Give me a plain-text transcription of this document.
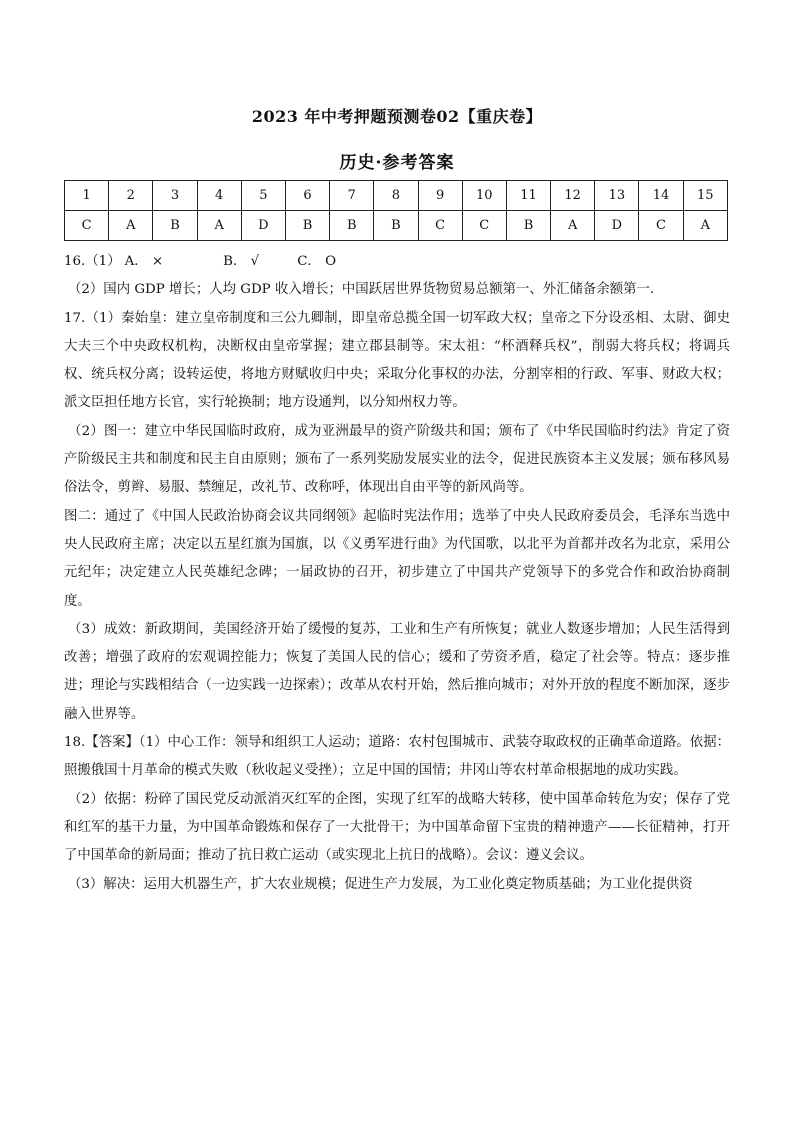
2023 年中考押题预测卷02【重庆卷】
历史·参考答案
1	2	3	4	5	6	7	8	9	10	11	12	13	14	15
C	A	B	A	D	B	B	B	C	C	B	A	D	C	A
16.（1） A． ×	B． √	C． O

（2）国内 GDP 增长；人均 GDP 收入增长；中国跃居世界货物贸易总额第一、外汇储备余额第一．

17.（1）秦始皇：建立皇帝制度和三公九卿制，即皇帝总揽全国一切军政大权；皇帝之下分设丞相、太尉、御史大夫三个中央政权机构，决断权由皇帝掌握；建立郡县制等。宋太祖：“杯酒释兵权”，削弱大将兵权；将调兵权、统兵权分离；设转运使，将地方财赋收归中央；采取分化事权的办法，分割宰相的行政、军事、财政大权；派文臣担任地方长官，实行轮换制；地方设通判，以分知州权力等。

（2）图一：建立中华民国临时政府，成为亚洲最早的资产阶级共和国；颁布了《中华民国临时约法》肯定了资产阶级民主共和制度和民主自由原则；颁布了一系列奖励发展实业的法令，促进民族资本主义发展；颁布移风易俗法令，剪辫、易服、禁缠足，改礼节、改称呼，体现出自由平等的新风尚等。

图二：通过了《中国人民政治协商会议共同纲领》起临时宪法作用；选举了中央人民政府委员会，毛泽东当选中央人民政府主席；决定以五星红旗为国旗，以《义勇军进行曲》为代国歌，以北平为首都并改名为北京，采用公元纪年；决定建立人民英雄纪念碑；一届政协的召开，初步建立了中国共产党领导下的多党合作和政治协商制度。

（3）成效：新政期间，美国经济开始了缓慢的复苏，工业和生产有所恢复；就业人数逐步增加；人民生活得到改善；增强了政府的宏观调控能力；恢复了美国人民的信心；缓和了劳资矛盾，稳定了社会等。特点：逐步推进；理论与实践相结合（一边实践一边探索）；改革从农村开始，然后推向城市；对外开放的程度不断加深，逐步融入世界等。

18.【答案】（1）中心工作：领导和组织工人运动；道路：农村包围城市、武装夺取政权的正确革命道路。依据：照搬俄国十月革命的模式失败（秋收起义受挫）；立足中国的国情；井冈山等农村革命根据地的成功实践。

（2）依据：粉碎了国民党反动派消灭红军的企图，实现了红军的战略大转移，使中国革命转危为安；保存了党和红军的基干力量，为中国革命锻炼和保存了一大批骨干；为中国革命留下宝贵的精神遗产——长征精神，打开了中国革命的新局面；推动了抗日救亡运动（或实现北上抗日的战略）。会议：遵义会议。

（3）解决：运用大机器生产，扩大农业规模；促进生产力发展，为工业化奠定物质基础；为工业化提供资
